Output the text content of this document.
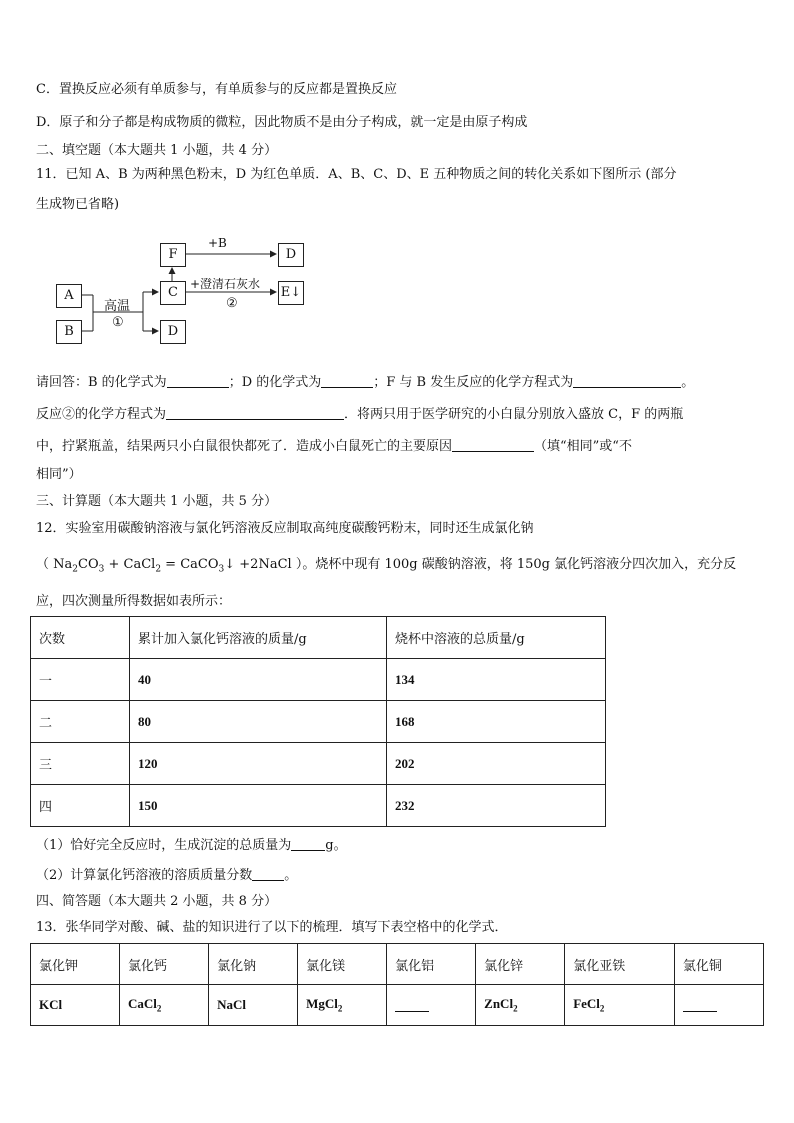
C．置换反应必须有单质参与，有单质参与的反应都是置换反应
D．原子和分子都是构成物质的微粒，因此物质不是由分子构成，就一定是由原子构成
二、填空题（本大题共 1 小题，共 4 分）
11．已知 A、B 为两种黑色粉末，D 为红色单质．A、B、C、D、E 五种物质之间的转化关系如下图所示 (部分
生成物已省略)
A
B
C
D
F	D
E↓
高温
①
+B
+澄清石灰水
②
请回答：B 的化学式为	；D 的化学式为	；F 与 B 发生反应的化学方程式为	。
反应②的化学方程式为	．将两只用于医学研究的小白鼠分别放入盛放 C，F 的两瓶
中，拧紧瓶盖，结果两只小白鼠很快都死了．造成小白鼠死亡的主要原因	（填“相同”或“不
相同”）
三、计算题（本大题共 1 小题，共 5 分）
12．实验室用碳酸钠溶液与氯化钙溶液反应制取高纯度碳酸钙粉末，同时还生成氯化钠
（ $Na_2CO_3$ + CaCl$_2$ = CaCO$_3$↓ +2NaCl ）。烧杯中现有 100g 碳酸钠溶液，将 150g 氯化钙溶液分四次加入，充分反
应，四次测量所得数据如表所示：
次数	累计加入氯化钙溶液的质量/g	烧杯中溶液的总质量/g
一	40	134
二	80	168
三	120	202
四	150	232
（1）恰好完全反应时，生成沉淀的总质量为	g。
（2）计算氯化钙溶液的溶质质量分数 。
四、简答题（本大题共 2 小题，共 8 分）
13．张华同学对酸、碱、盐的知识进行了以下的梳理．填写下表空格中的化学式．
氯化钾	氯化钙	氯化钠	氯化镁	氯化铝	氯化锌	氯化亚铁	氯化铜
KCl	CaCl$_2$	NaCl	MgCl$_2$		ZnCl$_2$	FeCl$_2$	
